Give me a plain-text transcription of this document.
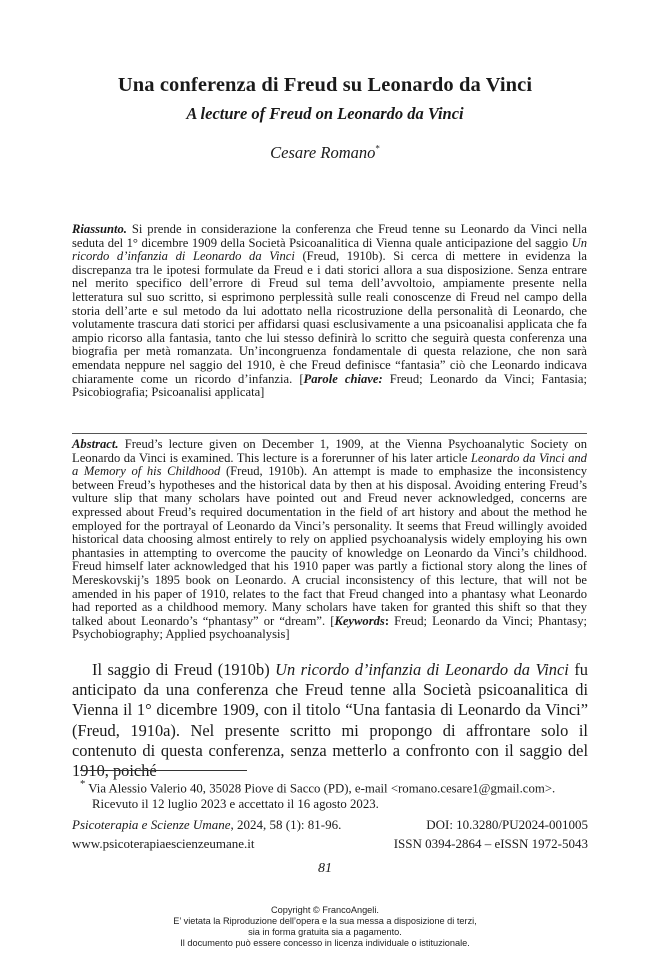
Una conferenza di Freud su Leonardo da Vinci
A lecture of Freud on Leonardo da Vinci
Cesare Romano*
Riassunto. Si prende in considerazione la conferenza che Freud tenne su Leonardo da Vinci nella seduta del 1° dicembre 1909 della Società Psicoanalitica di Vienna quale anticipazione del saggio Un ricordo d’infanzia di Leonardo da Vinci (Freud, 1910b). Si cerca di mettere in evidenza la discrepanza tra le ipotesi formulate da Freud e i dati storici allora a sua disposizione. Senza entrare nel merito specifico dell’errore di Freud sul tema dell’avvoltoio, ampiamente presente nella letteratura sul suo scritto, si esprimono perplessità sulle reali conoscenze di Freud nel campo della storia dell’arte e sul metodo da lui adottato nella ricostruzione della personalità di Leonardo, che volutamente trascura dati storici per affidarsi quasi esclusivamente a una psicoanalisi applicata che fa ampio ricorso alla fantasia, tanto che lui stesso definirà lo scritto che seguirà questa conferenza una biografia per metà romanzata. Un’incongruenza fondamentale di questa relazione, che non sarà emendata neppure nel saggio del 1910, è che Freud definisce “fantasia” ciò che Leonardo indicava chiaramente come un ricordo d’infanzia. [Parole chiave: Freud; Leonardo da Vinci; Fantasia; Psicobiografia; Psicoanalisi applicata]
Abstract. Freud’s lecture given on December 1, 1909, at the Vienna Psychoanalytic Society on Leonardo da Vinci is examined. This lecture is a forerunner of his later article Leonardo da Vinci and a Memory of his Childhood (Freud, 1910b). An attempt is made to emphasize the inconsistency between Freud’s hypotheses and the historical data by then at his disposal. Avoiding entering Freud’s vulture slip that many scholars have pointed out and Freud never acknowledged, concerns are expressed about Freud’s required documentation in the field of art history and about the method he employed for the portrayal of Leonardo da Vinci’s personality. It seems that Freud willingly avoided historical data choosing almost entirely to rely on applied psychoanalysis widely employing his own phantasies in attempting to overcome the paucity of knowledge on Leonardo da Vinci’s childhood. Freud himself later acknowledged that his 1910 paper was partly a fictional story along the lines of Mereskovskij’s 1895 book on Leonardo. A crucial inconsistency of this lecture, that will not be amended in his paper of 1910, relates to the fact that Freud changed into a phantasy what Leonardo had reported as a childhood memory. Many scholars have taken for granted this shift so that they talked about Leonardo’s “phantasy” or “dream”. [Keywords: Freud; Leonardo da Vinci; Phantasy; Psychobiography; Applied psychoanalysis]

Il saggio di Freud (1910b) Un ricordo d’infanzia di Leonardo da Vinci fu anticipato da una conferenza che Freud tenne alla Società psicoanalitica di Vienna il 1° dicembre 1909, con il titolo “Una fantasia di Leonardo da Vinci” (Freud, 1910a). Nel presente scritto mi propongo di affrontare solo il contenuto di questa conferenza, senza metterlo a confronto con il saggio del 1910, poiché

* Via Alessio Valerio 40, 35028 Piove di Sacco (PD), e-mail <romano.cesare1@gmail.com>.
Ricevuto il 12 luglio 2023 e accettato il 16 agosto 2023.
Psicoterapia e Scienze Umane, 2024, 58 (1): 81-96.	DOI: 10.3280/PU2024-001005
www.psicoterapiaescienzeumane.it	ISSN 0394-2864 – eISSN 1972-5043
81
Copyright © FrancoAngeli.
E’ vietata la Riproduzione dell’opera e la sua messa a disposizione di terzi,
sia in forma gratuita sia a pagamento.
Il documento può essere concesso in licenza individuale o istituzionale.
